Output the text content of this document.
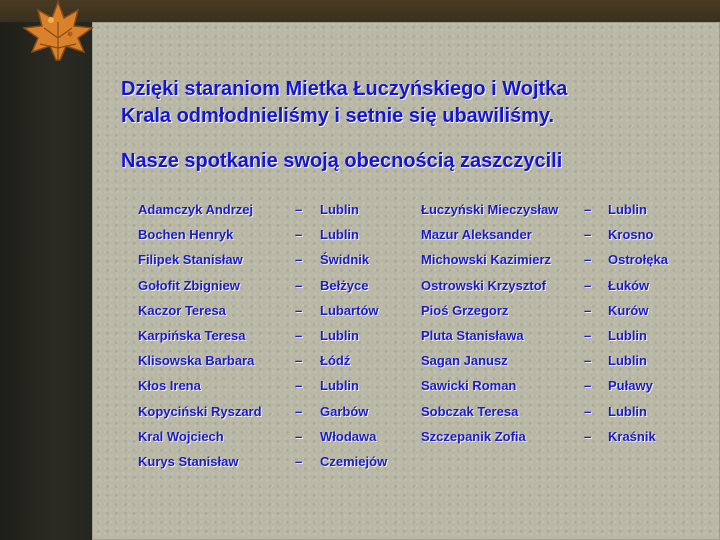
Dzięki staraniom Mietka Łuczyńskiego i Wojtka
Krala odmłodnieliśmy i setnie się ubawiliśmy.
Nasze spotkanie swoją obecnością zaszczycili
Adamczyk Andrzej	– Lublin
Bochen Henryk	– Lublin
Filipek Stanisław	– Świdnik
Gołofit Zbigniew	– Bełżyce
Kaczor Teresa	– Lubartów
Karpińska Teresa	– Lublin
Klisowska Barbara	– Łódź
Kłos Irena	– Lublin
Kopyciński Ryszard	– Garbów
Kral Wojciech	– Włodawa
Kurys Stanisław	– Czemiejów
Łuczyński Mieczysław – Lublin
Mazur Aleksander	– Krosno
Michowski Kazimierz	– Ostrołęka
Ostrowski Krzysztof	– Łuków
Pioś Grzegorz	– Kurów
Pluta Stanisława	– Lublin
Sagan Janusz	– Lublin
Sawicki Roman	– Puławy
Sobczak Teresa	– Lublin
Szczepanik Zofia	– Kraśnik
